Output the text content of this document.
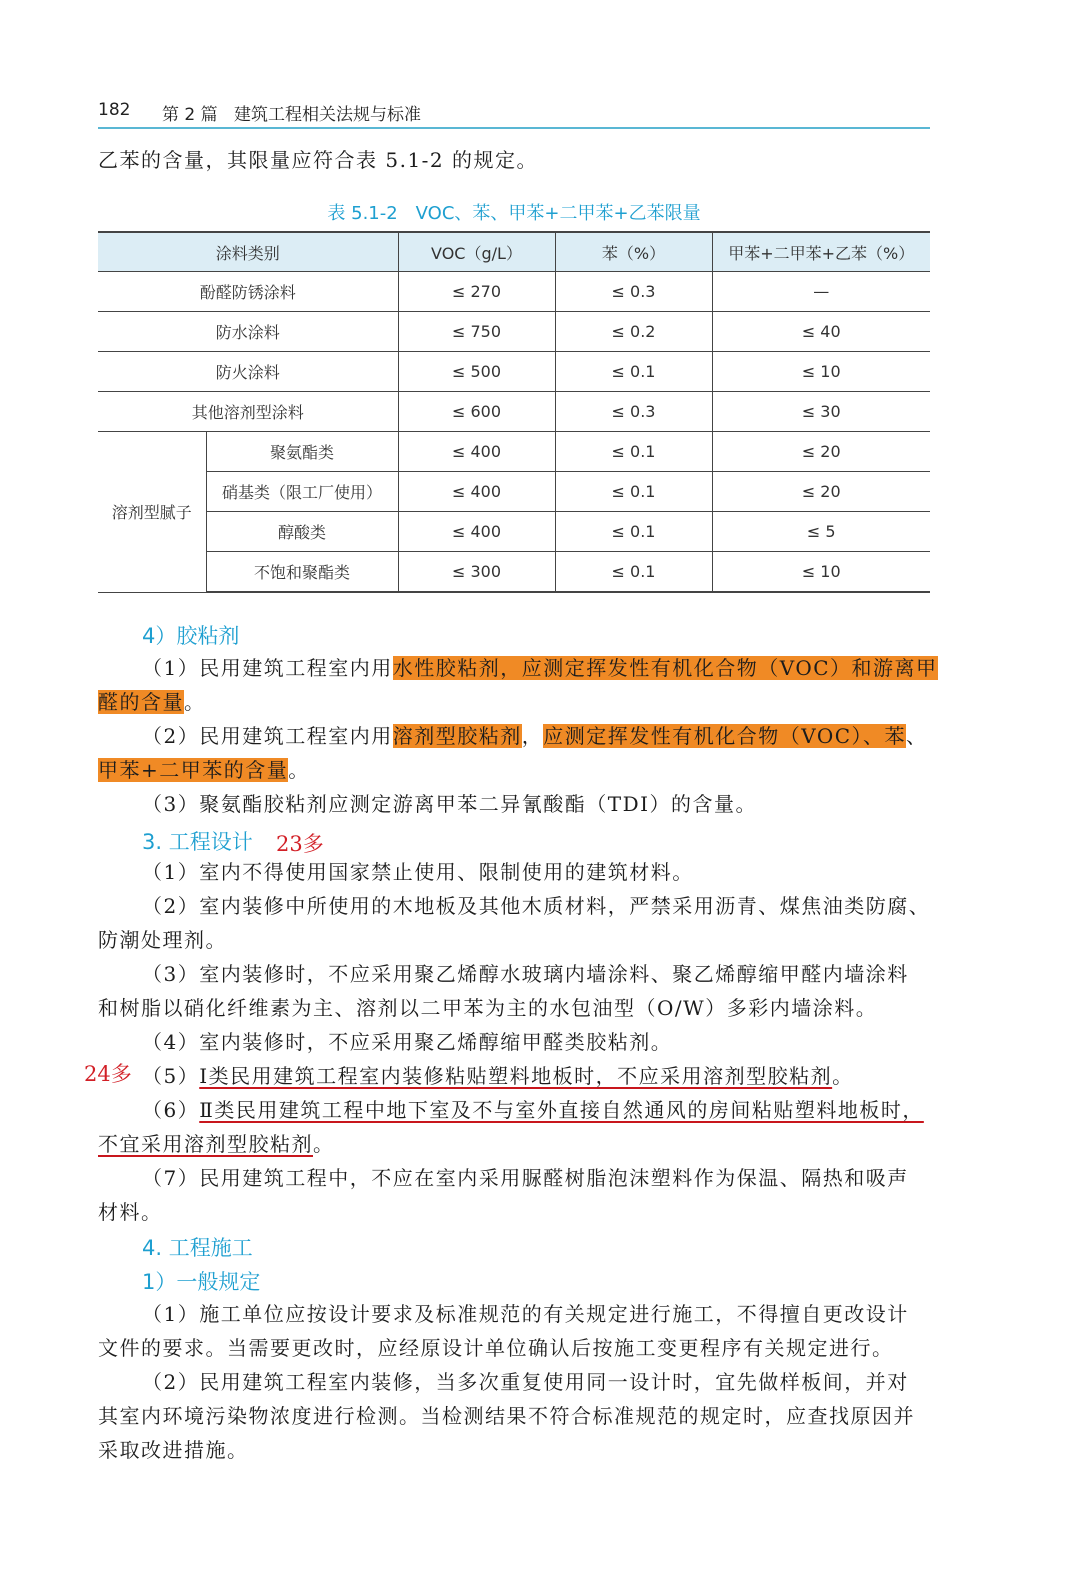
182 第 2 篇 建筑工程相关法规与标准
乙苯的含量，其限量应符合表 5.1-2 的规定。
表 5.1-2　VOC、苯、甲苯+二甲苯+乙苯限量
涂料类别		VOC（g/L）	苯（%）	甲苯+二甲苯+乙苯（%）
酚醛防锈涂料		≤ 270	≤ 0.3	—
防水涂料		≤ 750	≤ 0.2	≤ 40
防火涂料		≤ 500	≤ 0.1	≤ 10
其他溶剂型涂料		≤ 600	≤ 0.3	≤ 30
溶剂型腻子	聚氨酯类	≤ 400	≤ 0.1	≤ 20
	硝基类（限工厂使用）	≤ 400	≤ 0.1	≤ 20
	醇酸类	≤ 400	≤ 0.1	≤ 5
	不饱和聚酯类	≤ 300	≤ 0.1	≤ 10
4）胶粘剂
（1）民用建筑工程室内用水性胶粘剂，应测定挥发性有机化合物（VOC）和游离甲
醛的含量。
（2）民用建筑工程室内用溶剂型胶粘剂，应测定挥发性有机化合物（VOC）、苯、
甲苯+二甲苯的含量。
（3）聚氨酯胶粘剂应测定游离甲苯二异氰酸酯（TDI）的含量。
3. 工程设计 23多
（1）室内不得使用国家禁止使用、限制使用的建筑材料。
（2）室内装修中所使用的木地板及其他木质材料，严禁采用沥青、煤焦油类防腐、
防潮处理剂。
（3）室内装修时，不应采用聚乙烯醇水玻璃内墙涂料、聚乙烯醇缩甲醛内墙涂料
和树脂以硝化纤维素为主、溶剂以二甲苯为主的水包油型（O/W）多彩内墙涂料。
（4）室内装修时，不应采用聚乙烯醇缩甲醛类胶粘剂。
24多 （5）Ⅰ类民用建筑工程室内装修粘贴塑料地板时，不应采用溶剂型胶粘剂。
（6）Ⅱ类民用建筑工程中地下室及不与室外直接自然通风的房间粘贴塑料地板时，
不宜采用溶剂型胶粘剂。
（7）民用建筑工程中，不应在室内采用脲醛树脂泡沫塑料作为保温、隔热和吸声
材料。
4. 工程施工
1）一般规定
（1）施工单位应按设计要求及标准规范的有关规定进行施工，不得擅自更改设计
文件的要求。当需要更改时，应经原设计单位确认后按施工变更程序有关规定进行。
（2）民用建筑工程室内装修，当多次重复使用同一设计时，宜先做样板间，并对
其室内环境污染物浓度进行检测。当检测结果不符合标准规范的规定时，应查找原因并
采取改进措施。
